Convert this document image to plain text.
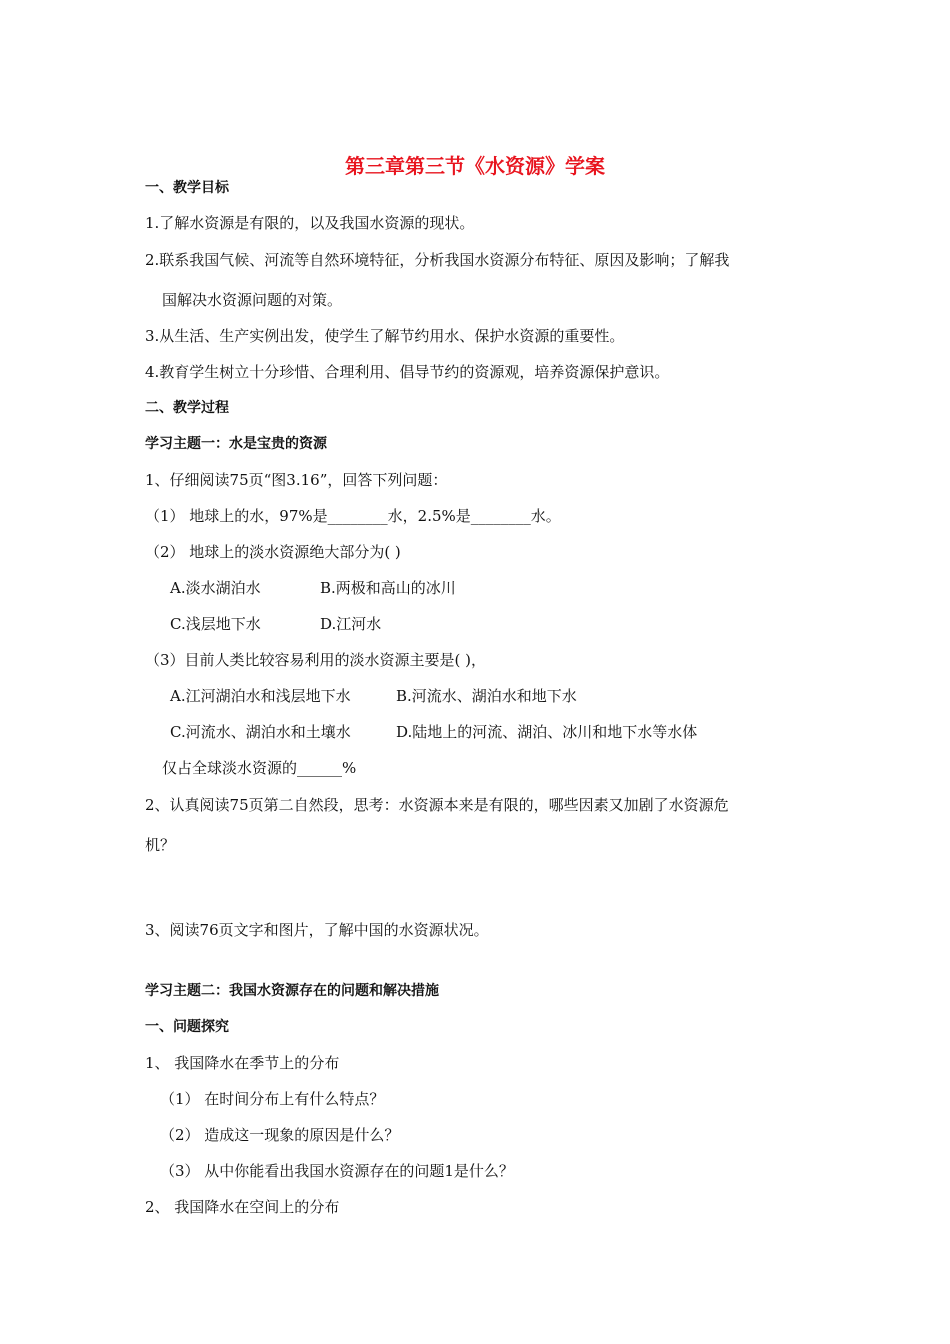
第三章第三节《水资源》学案
一、教学目标
1.了解水资源是有限的，以及我国水资源的现状。
2.联系我国气候、河流等自然环境特征，分析我国水资源分布特征、原因及影响；了解我
国解决水资源问题的对策。
3.从生活、生产实例出发，使学生了解节约用水、保护水资源的重要性。
4.教育学生树立十分珍惜、合理利用、倡导节约的资源观，培养资源保护意识。
二、教学过程
学习主题一：水是宝贵的资源
1、仔细阅读75页“图3.16”，回答下列问题：
（1） 地球上的水，97%是________水，2.5%是________水。
（2） 地球上的淡水资源绝大部分为( )
A.淡水湖泊水	B.两极和高山的冰川
C.浅层地下水	D.江河水
（3）目前人类比较容易利用的淡水资源主要是( )，
A.江河湖泊水和浅层地下水	B.河流水、湖泊水和地下水
C.河流水、湖泊水和土壤水	D.陆地上的河流、湖泊、冰川和地下水等水体
仅占全球淡水资源的______%
2、认真阅读75页第二自然段，思考：水资源本来是有限的，哪些因素又加剧了水资源危
机？
3、阅读76页文字和图片，了解中国的水资源状况。
学习主题二：我国水资源存在的问题和解决措施
一、问题探究
1、 我国降水在季节上的分布
（1） 在时间分布上有什么特点？
（2） 造成这一现象的原因是什么？
（3） 从中你能看出我国水资源存在的问题1是什么？
2、 我国降水在空间上的分布
